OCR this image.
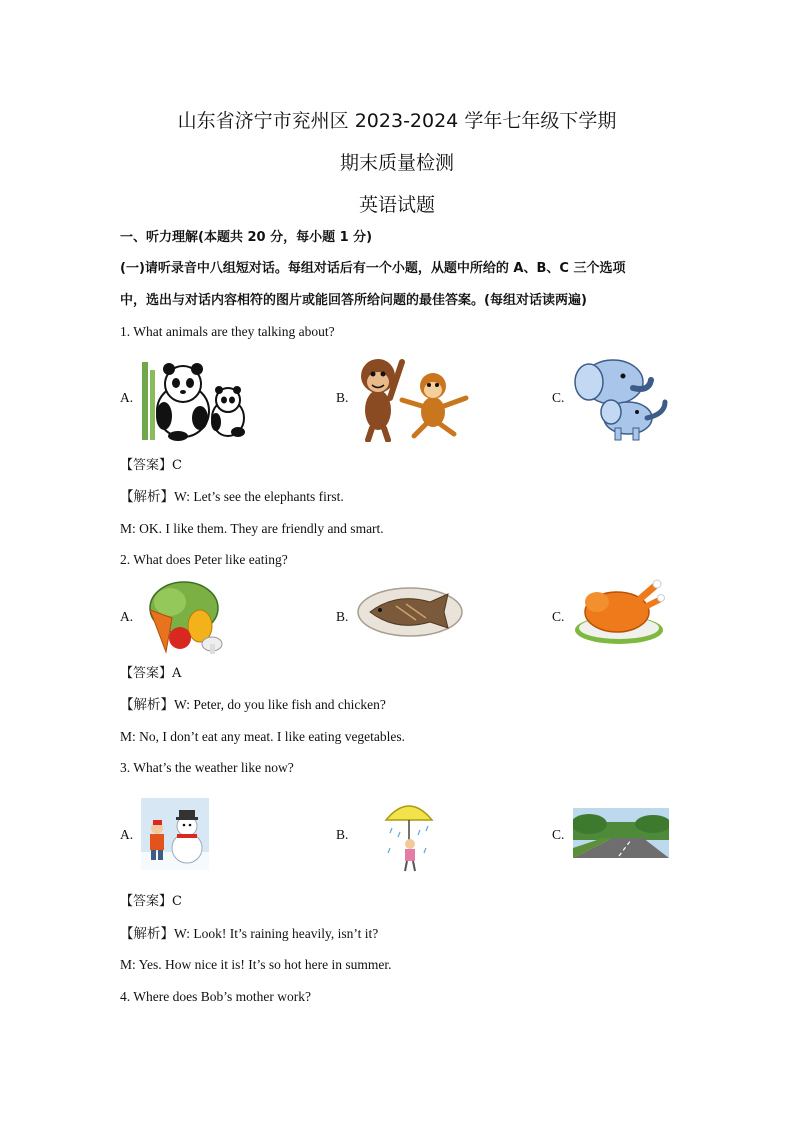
山东省济宁市兖州区 2023-2024 学年七年级下学期
期末质量检测
英语试题
一、听力理解(本题共 20 分，每小题 1 分)
(一)请听录音中八组短对话。每组对话后有一个小题，从题中所给的 A、B、C 三个选项
中，选出与对话内容相符的图片或能回答所给问题的最佳答案。(每组对话读两遍)
1. What animals are they talking about?
A.	B.	C.
【答案】C
【解析】W: Let’s see the elephants first.
M: OK. I like them. They are friendly and smart.
2. What does Peter like eating?
A.	B.	C.
【答案】A
【解析】W: Peter, do you like fish and chicken?
M: No, I don’t eat any meat. I like eating vegetables.
3. What’s the weather like now?
A.	B.	C.
【答案】C
【解析】W: Look! It’s raining heavily, isn’t it?
M: Yes. How nice it is! It’s so hot here in summer.
4. Where does Bob’s mother work?
